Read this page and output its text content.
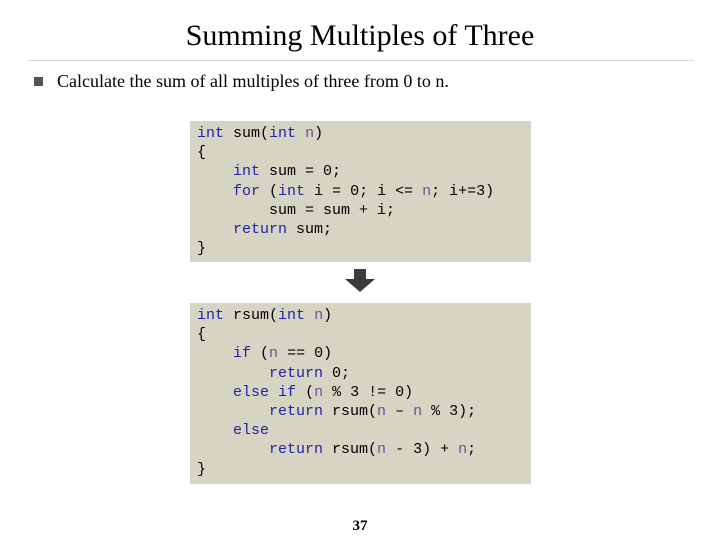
Summing Multiples of Three
Calculate the sum of all multiples of three from 0 to n.
int sum(int n)
{
int sum = 0;
for (int i = 0; i <= n; i+=3)
sum = sum + i;
return sum;
}
int rsum(int n)
{
if (n == 0)
return 0;
else if (n % 3 != 0)
return rsum(n – n % 3);
else
return rsum(n - 3) + n;
}
37
